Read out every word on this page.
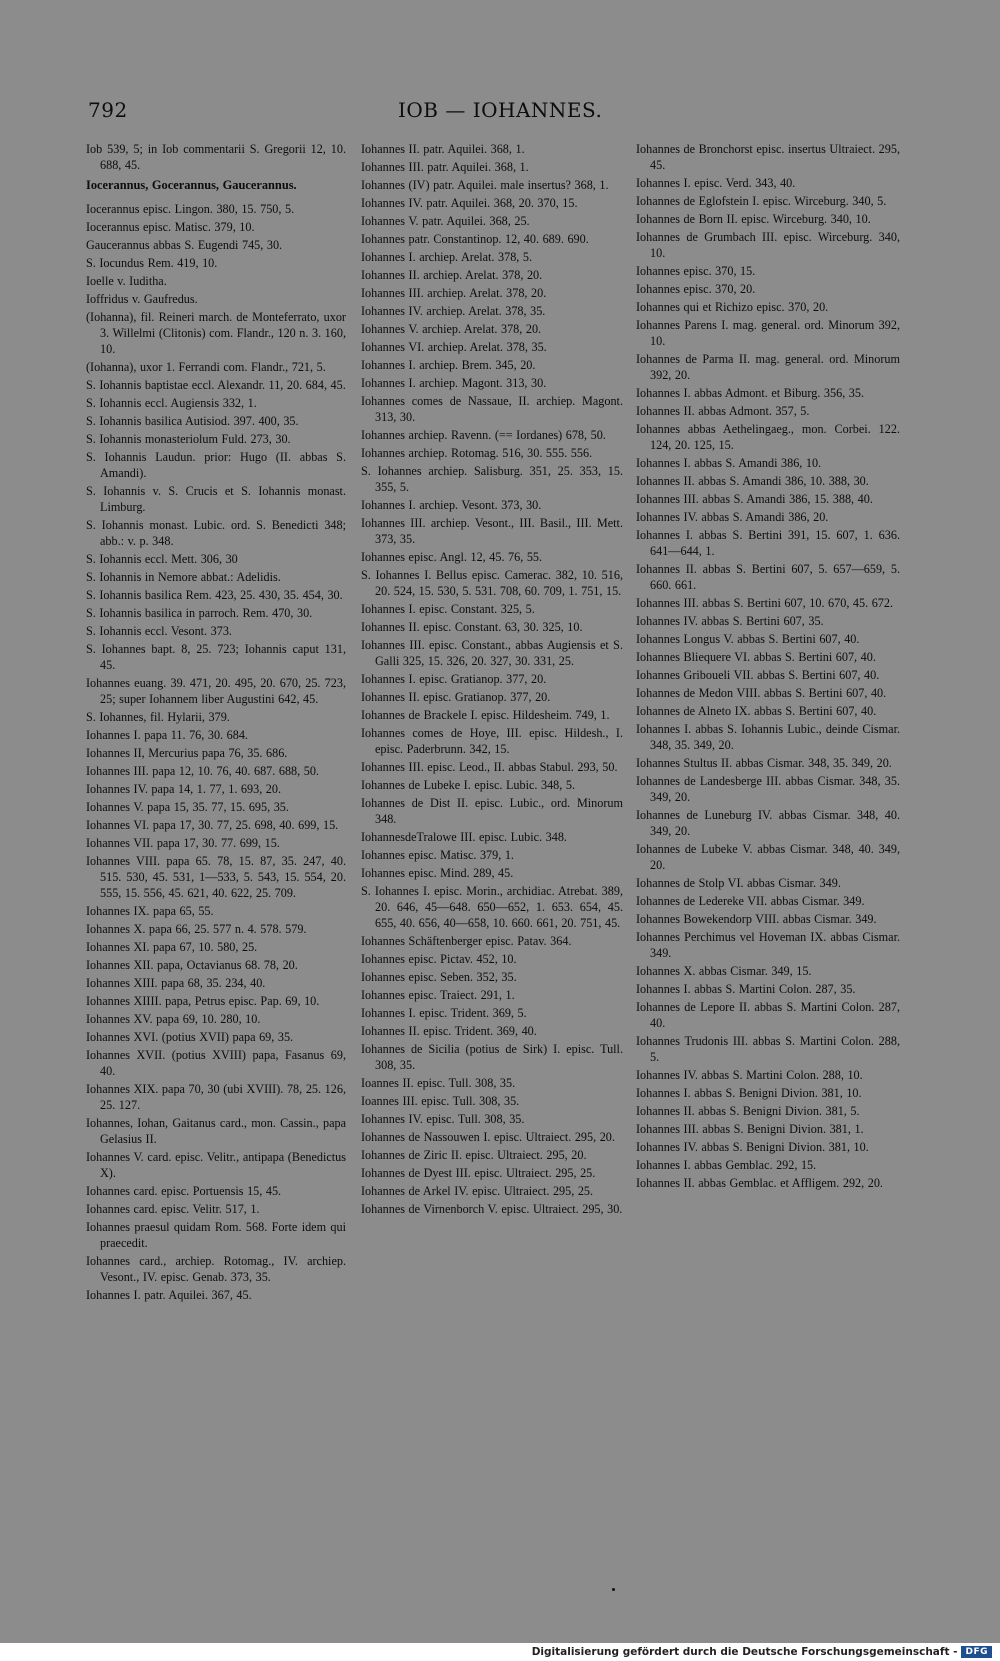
792	IOB — IOHANNES.
Iob 539, 5; in Iob commentarii S. Gregorii 12, 10. 688, 45.
Iocerannus, Gocerannus, Gaucerannus.
Iocerannus episc. Lingon. 380, 15. 750, 5.
Iocerannus episc. Matisc. 379, 10.
Gaucerannus abbas S. Eugendi 745, 30.
S. Iocundus Rem. 419, 10.
Ioelle v. Iuditha.
Ioffridus v. Gaufredus.
(Iohanna), fil. Reineri march. de Monteferrato, uxor 3. Willelmi (Clitonis) com. Flandr., 120 n. 3. 160, 10.
(Iohanna), uxor 1. Ferrandi com. Flandr., 721, 5.
S. Iohannis baptistae eccl. Alexandr. 11, 20. 684, 45.
S. Iohannis eccl. Augiensis 332, 1.
S. Iohannis basilica Autisiod. 397. 400, 35.
S. Iohannis monasteriolum Fuld. 273, 30.
S. Iohannis Laudun. prior: Hugo (II. abbas S. Amandi).
S. Iohannis v. S. Crucis et S. Iohannis monast. Limburg.
S. Iohannis monast. Lubic. ord. S. Benedicti 348; abb.: v. p. 348.
S. Iohannis eccl. Mett. 306, 30
S. Iohannis in Nemore abbat.: Adelidis.
S. Iohannis basilica Rem. 423, 25. 430, 35. 454, 30.
S. Iohannis basilica in parroch. Rem. 470, 30.
S. Iohannis eccl. Vesont. 373.
S. Iohannes bapt. 8, 25. 723; Iohannis caput 131, 45.
Iohannes euang. 39. 471, 20. 495, 20. 670, 25. 723, 25; super Iohannem liber Augustini 642, 45.
S. Iohannes, fil. Hylarii, 379.
Iohannes I. papa 11. 76, 30. 684.
Iohannes II, Mercurius papa 76, 35. 686.
Iohannes III. papa 12, 10. 76, 40. 687. 688, 50.
Iohannes IV. papa 14, 1. 77, 1. 693, 20.
Iohannes V. papa 15, 35. 77, 15. 695, 35.
Iohannes VI. papa 17, 30. 77, 25. 698, 40. 699, 15.
Iohannes VII. papa 17, 30. 77. 699, 15.
Iohannes VIII. papa 65. 78, 15. 87, 35. 247, 40. 515. 530, 45. 531, 1—533, 5. 543, 15. 554, 20. 555, 15. 556, 45. 621, 40. 622, 25. 709.
Iohannes IX. papa 65, 55.
Iohannes X. papa 66, 25. 577 n. 4. 578. 579.
Iohannes XI. papa 67, 10. 580, 25.
Iohannes XII. papa, Octavianus 68. 78, 20.
Iohannes XIII. papa 68, 35. 234, 40.
Iohannes XIIII. papa, Petrus episc. Pap. 69, 10.
Iohannes XV. papa 69, 10. 280, 10.
Iohannes XVI. (potius XVII) papa 69, 35.
Iohannes XVII. (potius XVIII) papa, Fasanus 69, 40.
Iohannes XIX. papa 70, 30 (ubi XVIII). 78, 25. 126, 25. 127.
Iohannes, Iohan, Gaitanus card., mon. Cassin., papa Gelasius II.
Iohannes V. card. episc. Velitr., antipapa (Benedictus X).
Iohannes card. episc. Portuensis 15, 45.
Iohannes card. episc. Velitr. 517, 1.
Iohannes praesul quidam Rom. 568. Forte idem qui praecedit.
Iohannes card., archiep. Rotomag., IV. archiep. Vesont., IV. episc. Genab. 373, 35.
Iohannes I. patr. Aquilei. 367, 45.
Iohannes II. patr. Aquilei. 368, 1.
Iohannes III. patr. Aquilei. 368, 1.
Iohannes (IV) patr. Aquilei. male insertus? 368, 1.
Iohannes IV. patr. Aquilei. 368, 20. 370, 15.
Iohannes V. patr. Aquilei. 368, 25.
Iohannes patr. Constantinop. 12, 40. 689. 690.
Iohannes I. archiep. Arelat. 378, 5.
Iohannes II. archiep. Arelat. 378, 20.
Iohannes III. archiep. Arelat. 378, 20.
Iohannes IV. archiep. Arelat. 378, 35.
Iohannes V. archiep. Arelat. 378, 20.
Iohannes VI. archiep. Arelat. 378, 35.
Iohannes I. archiep. Brem. 345, 20.
Iohannes I. archiep. Magont. 313, 30.
Iohannes comes de Nassaue, II. archiep. Magont. 313, 30.
Iohannes archiep. Ravenn. (== Iordanes) 678, 50.
Iohannes archiep. Rotomag. 516, 30. 555. 556.
S. Iohannes archiep. Salisburg. 351, 25. 353, 15. 355, 5.
Iohannes I. archiep. Vesont. 373, 30.
Iohannes III. archiep. Vesont., III. Basil., III. Mett. 373, 35.
Iohannes episc. Angl. 12, 45. 76, 55.
S. Iohannes I. Bellus episc. Camerac. 382, 10. 516, 20. 524, 15. 530, 5. 531. 708, 60. 709, 1. 751, 15.
Iohannes I. episc. Constant. 325, 5.
Iohannes II. episc. Constant. 63, 30. 325, 10.
Iohannes III. episc. Constant., abbas Augiensis et S. Galli 325, 15. 326, 20. 327, 30. 331, 25.
Iohannes I. episc. Gratianop. 377, 20.
Iohannes II. episc. Gratianop. 377, 20.
Iohannes de Brackele I. episc. Hildesheim. 749, 1.
Iohannes comes de Hoye, III. episc. Hildesh., I. episc. Paderbrunn. 342, 15.
Iohannes III. episc. Leod., II. abbas Stabul. 293, 50.
Iohannes de Lubeke I. episc. Lubic. 348, 5.
Iohannes de Dist II. episc. Lubic., ord. Minorum 348.
IohannesdeTralowe III. episc. Lubic. 348.
Iohannes episc. Matisc. 379, 1.
Iohannes episc. Mind. 289, 45.
S. Iohannes I. episc. Morin., archidiac. Atrebat. 389, 20. 646, 45—648. 650—652, 1. 653. 654, 45. 655, 40. 656, 40—658, 10. 660. 661, 20. 751, 45.
Iohannes Schäftenberger episc. Patav. 364.
Iohannes episc. Pictav. 452, 10.
Iohannes episc. Seben. 352, 35.
Iohannes episc. Traiect. 291, 1.
Iohannes I. episc. Trident. 369, 5.
Iohannes II. episc. Trident. 369, 40.
Iohannes de Sicilia (potius de Sirk) I. episc. Tull. 308, 35.
Ioannes II. episc. Tull. 308, 35.
Ioannes III. episc. Tull. 308, 35.
Iohannes IV. episc. Tull. 308, 35.
Iohannes de Nassouwen I. episc. Ultraiect. 295, 20.
Iohannes de Ziric II. episc. Ultraiect. 295, 20.
Iohannes de Dyest III. episc. Ultraiect. 295, 25.
Iohannes de Arkel IV. episc. Ultraiect. 295, 25.
Iohannes de Virnenborch V. episc. Ultraiect. 295, 30.
Iohannes de Bronchorst episc. insertus Ultraiect. 295, 45.
Iohannes I. episc. Verd. 343, 40.
Iohannes de Eglofstein I. episc. Wirceburg. 340, 5.
Iohannes de Born II. episc. Wirceburg. 340, 10.
Iohannes de Grumbach III. episc. Wirceburg. 340, 10.
Iohannes episc. 370, 15.
Iohannes episc. 370, 20.
Iohannes qui et Richizo episc. 370, 20.
Iohannes Parens I. mag. general. ord. Minorum 392, 10.
Iohannes de Parma II. mag. general. ord. Minorum 392, 20.
Iohannes I. abbas Admont. et Biburg. 356, 35.
Iohannes II. abbas Admont. 357, 5.
Iohannes abbas Aethelingaeg., mon. Corbei. 122. 124, 20. 125, 15.
Iohannes I. abbas S. Amandi 386, 10.
Iohannes II. abbas S. Amandi 386, 10. 388, 30.
Iohannes III. abbas S. Amandi 386, 15. 388, 40.
Iohannes IV. abbas S. Amandi 386, 20.
Iohannes I. abbas S. Bertini 391, 15. 607, 1. 636. 641—644, 1.
Iohannes II. abbas S. Bertini 607, 5. 657—659, 5. 660. 661.
Iohannes III. abbas S. Bertini 607, 10. 670, 45. 672.
Iohannes IV. abbas S. Bertini 607, 35.
Iohannes Longus V. abbas S. Bertini 607, 40.
Iohannes Bliequere VI. abbas S. Bertini 607, 40.
Iohannes Griboueli VII. abbas S. Bertini 607, 40.
Iohannes de Medon VIII. abbas S. Bertini 607, 40.
Iohannes de Alneto IX. abbas S. Bertini 607, 40.
Iohannes I. abbas S. Iohannis Lubic., deinde Cismar. 348, 35. 349, 20.
Iohannes Stultus II. abbas Cismar. 348, 35. 349, 20.
Iohannes de Landesberge III. abbas Cismar. 348, 35. 349, 20.
Iohannes de Luneburg IV. abbas Cismar. 348, 40. 349, 20.
Iohannes de Lubeke V. abbas Cismar. 348, 40. 349, 20.
Iohannes de Stolp VI. abbas Cismar. 349.
Iohannes de Ledereke VII. abbas Cismar. 349.
Iohannes Bowekendorp VIII. abbas Cismar. 349.
Iohannes Perchimus vel Hoveman IX. abbas Cismar. 349.
Iohannes X. abbas Cismar. 349, 15.
Iohannes I. abbas S. Martini Colon. 287, 35.
Iohannes de Lepore II. abbas S. Martini Colon. 287, 40.
Iohannes Trudonis III. abbas S. Martini Colon. 288, 5.
Iohannes IV. abbas S. Martini Colon. 288, 10.
Iohannes I. abbas S. Benigni Divion. 381, 10.
Iohannes II. abbas S. Benigni Divion. 381, 5.
Iohannes III. abbas S. Benigni Divion. 381, 1.
Iohannes IV. abbas S. Benigni Divion. 381, 10.
Iohannes I. abbas Gemblac. 292, 15.
Iohannes II. abbas Gemblac. et Affligem. 292, 20.
Digitalisierung gefördert durch die Deutsche Forschungsgemeinschaft - DFG
